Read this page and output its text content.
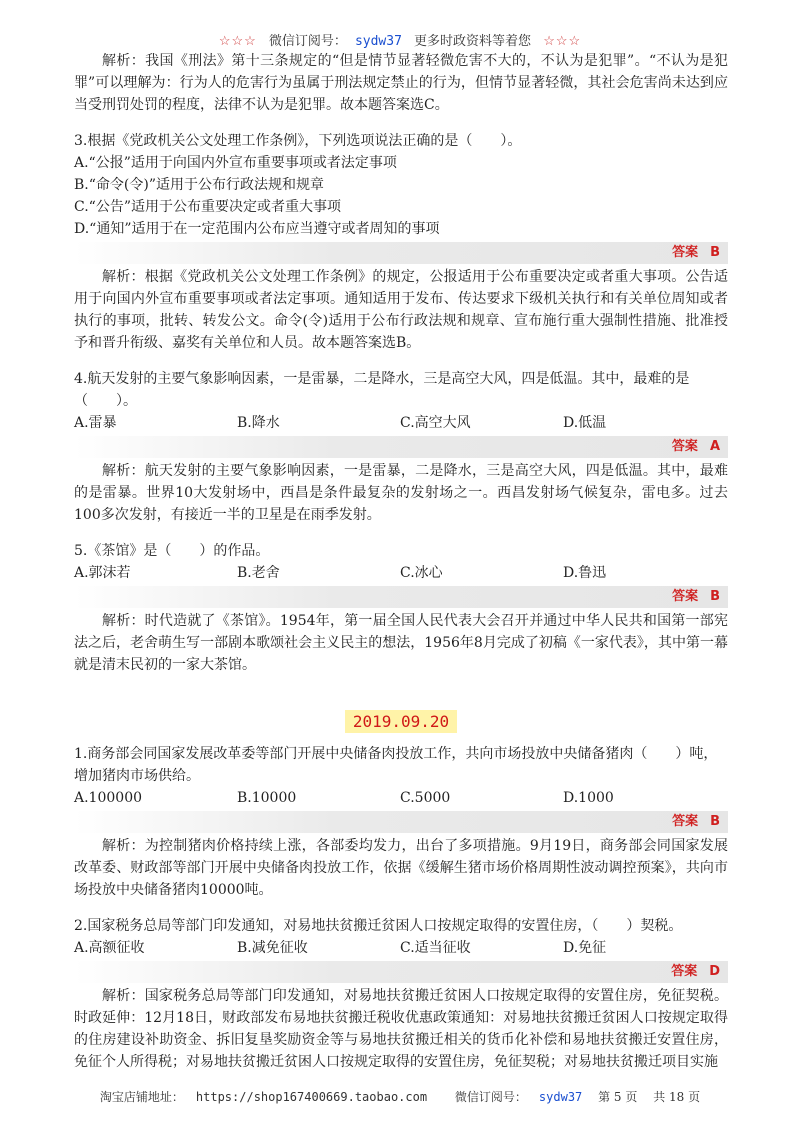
☆☆☆ 微信订阅号： sydw37 更多时政资料等着您 ☆☆☆

解析：我国《刑法》第十三条规定的“但是情节显著轻微危害不大的，不认为是犯罪”。“不认为是犯罪”可以理解为：行为人的危害行为虽属于刑法规定禁止的行为，但情节显著轻微，其社会危害尚未达到应当受刑罚处罚的程度，法律不认为是犯罪。故本题答案选C。

3.根据《党政机关公文处理工作条例》，下列选项说法正确的是（　　）。

A.“公报”适用于向国内外宣布重要事项或者法定事项

B.“命令(令)”适用于公布行政法规和规章

C.“公告”适用于公布重要决定或者重大事项

D.“通知”适用于在一定范围内公布应当遵守或者周知的事项

答案 B

解析：根据《党政机关公文处理工作条例》的规定，公报适用于公布重要决定或者重大事项。公告适用于向国内外宣布重要事项或者法定事项。通知适用于发布、传达要求下级机关执行和有关单位周知或者执行的事项，批转、转发公文。命令(令)适用于公布行政法规和规章、宣布施行重大强制性措施、批准授予和晋升衔级、嘉奖有关单位和人员。故本题答案选B。

4.航天发射的主要气象影响因素，一是雷暴，二是降水，三是高空大风，四是低温。其中，最难的是（　　）。

A.雷暴	B.降水	C.高空大风	D.低温
答案 A

解析：航天发射的主要气象影响因素，一是雷暴，二是降水，三是高空大风，四是低温。其中，最难的是雷暴。世界10大发射场中，西昌是条件最复杂的发射场之一。西昌发射场气候复杂，雷电多。过去100多次发射，有接近一半的卫星是在雨季发射。

5.《茶馆》是（　　）的作品。

A.郭沫若	B.老舍	C.冰心	D.鲁迅
答案 B

解析：时代造就了《茶馆》。1954年，第一届全国人民代表大会召开并通过中华人民共和国第一部宪法之后，老舍萌生写一部剧本歌颂社会主义民主的想法，1956年8月完成了初稿《一家代表》，其中第一幕就是清末民初的一家大茶馆。

2019.09.20

1.商务部会同国家发展改革委等部门开展中央储备肉投放工作，共向市场投放中央储备猪肉（　　）吨，增加猪肉市场供给。

A.100000	B.10000	C.5000	D.1000
答案 B

解析：为控制猪肉价格持续上涨，各部委均发力，出台了多项措施。9月19日，商务部会同国家发展改革委、财政部等部门开展中央储备肉投放工作，依据《缓解生猪市场价格周期性波动调控预案》，共向市场投放中央储备猪肉10000吨。

2.国家税务总局等部门印发通知，对易地扶贫搬迁贫困人口按规定取得的安置住房，（　　）契税。

A.高额征收	B.减免征收	C.适当征收	D.免征
答案 D

解析：国家税务总局等部门印发通知，对易地扶贫搬迁贫困人口按规定取得的安置住房，免征契税。时政延伸：12月18日，财政部发布易地扶贫搬迁税收优惠政策通知：对易地扶贫搬迁贫困人口按规定取得的住房建设补助资金、拆旧复垦奖励资金等与易地扶贫搬迁相关的货币化补偿和易地扶贫搬迁安置住房，免征个人所得税；对易地扶贫搬迁贫困人口按规定取得的安置住房，免征契税；对易地扶贫搬迁项目实施

淘宝店铺地址： https://shop167400669.taobao.com 微信订阅号： sydw37 第 5 页 共 18 页
